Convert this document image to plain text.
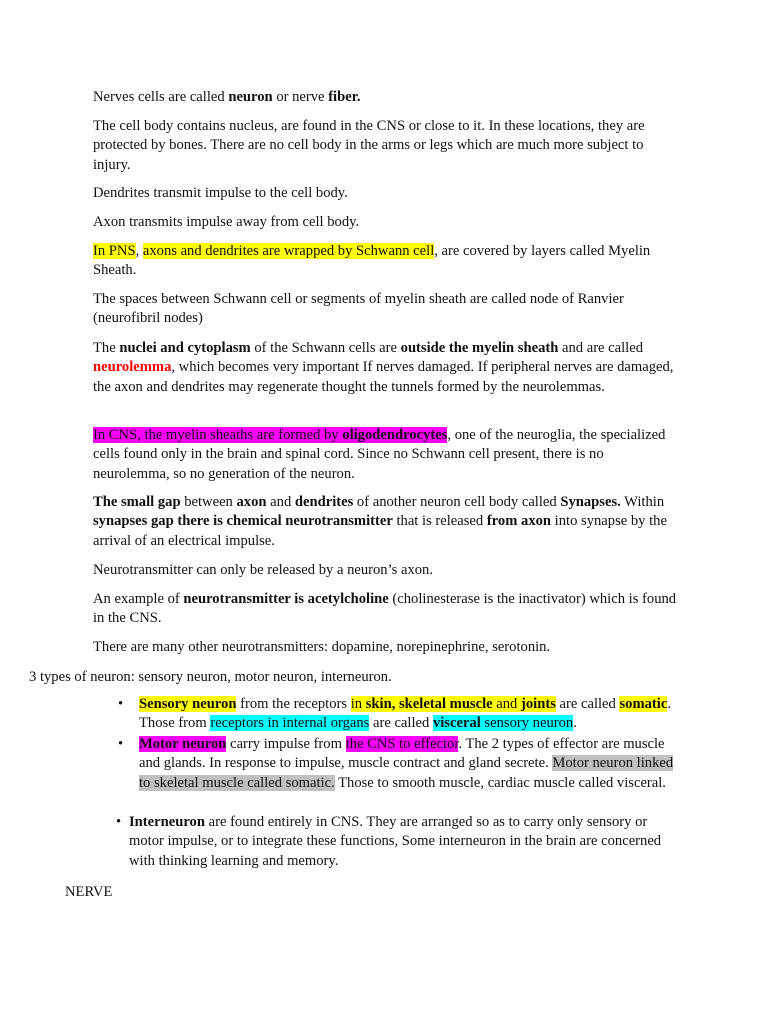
Nerves cells are called neuron or nerve fiber.

The cell body contains nucleus, are found in the CNS or close to it. In these locations, they are protected by bones. There are no cell body in the arms or legs which are much more subject to injury.

Dendrites transmit impulse to the cell body.

Axon transmits impulse away from cell body.

In PNS, axons and dendrites are wrapped by Schwann cell, are covered by layers called Myelin Sheath.

The spaces between Schwann cell or segments of myelin sheath are called node of Ranvier (neurofibril nodes)

The nuclei and cytoplasm of the Schwann cells are outside the myelin sheath and are called neurolemma, which becomes very important If nerves damaged. If peripheral nerves are damaged, the axon and dendrites may regenerate thought the tunnels formed by the neurolemmas.

In CNS, the myelin sheaths are formed by oligodendrocytes, one of the neuroglia, the specialized cells found only in the brain and spinal cord. Since no Schwann cell present, there is no neurolemma, so no generation of the neuron.

The small gap between axon and dendrites of another neuron cell body called Synapses. Within synapses gap there is chemical neurotransmitter that is released from axon into synapse by the arrival of an electrical impulse.

Neurotransmitter can only be released by a neuron’s axon.

An example of neurotransmitter is acetylcholine (cholinesterase is the inactivator) which is found in the CNS.

There are many other neurotransmitters: dopamine, norepinephrine, serotonin.

3 types of neuron: sensory neuron, motor neuron, interneuron.

• Sensory neuron from the receptors in skin, skeletal muscle and joints are called somatic. Those from receptors in internal organs are called visceral sensory neuron.
• Motor neuron carry impulse from the CNS to effector. The 2 types of effector are muscle and glands. In response to impulse, muscle contract and gland secrete. Motor neuron linked to skeletal muscle called somatic. Those to smooth muscle, cardiac muscle called visceral.
• Interneuron are found entirely in CNS. They are arranged so as to carry only sensory or motor impulse, or to integrate these functions, Some interneuron in the brain are concerned with thinking learning and memory.

NERVE
